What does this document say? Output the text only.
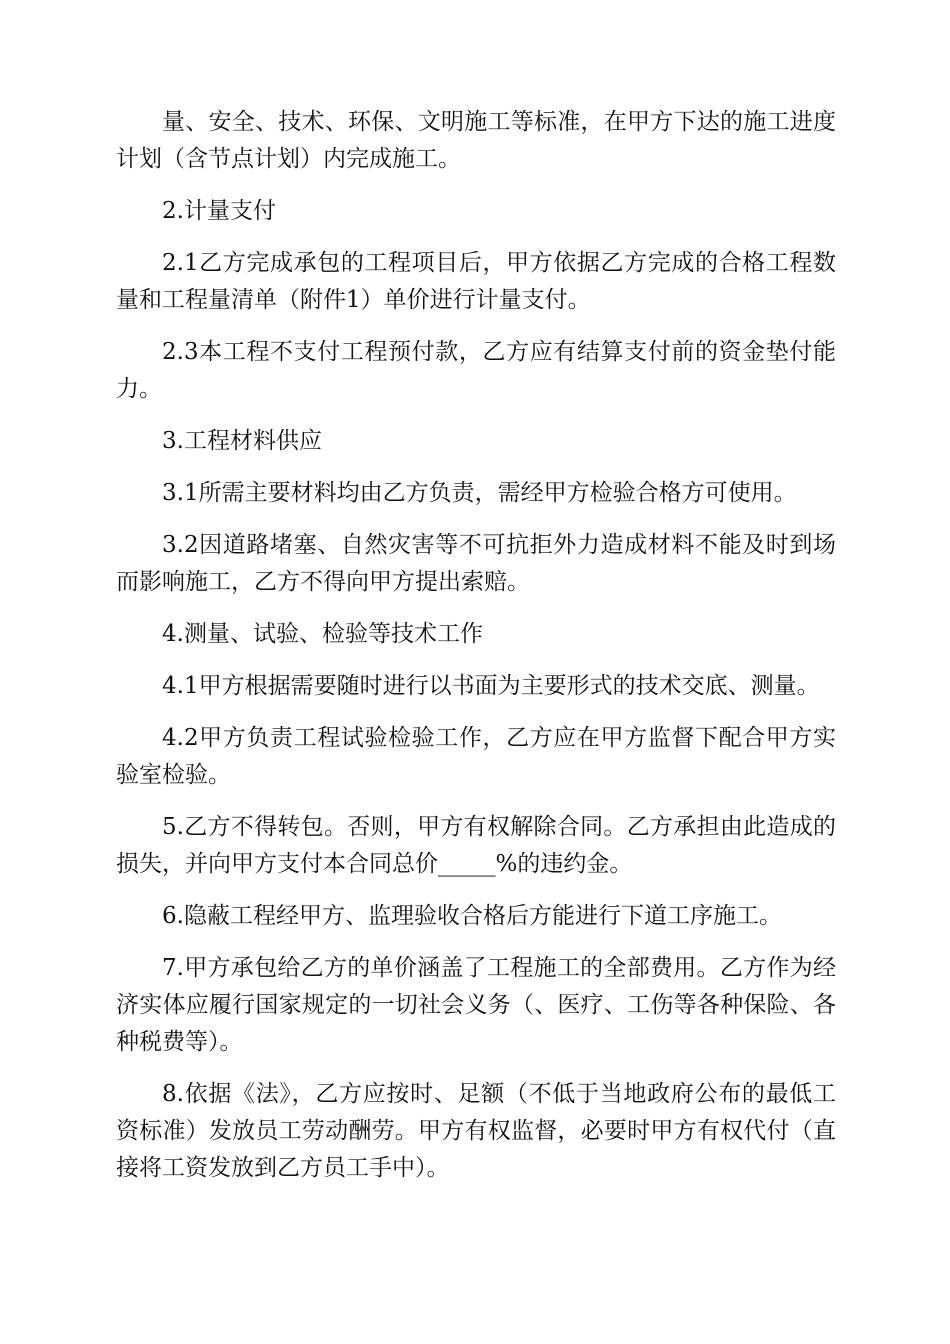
量、安全、技术、环保、文明施工等标准，在甲方下达的施工进度计划（含节点计划）内完成施工。

2.计量支付

2.1乙方完成承包的工程项目后，甲方依据乙方完成的合格工程数量和工程量清单（附件1）单价进行计量支付。

2.3本工程不支付工程预付款，乙方应有结算支付前的资金垫付能力。

3.工程材料供应

3.1所需主要材料均由乙方负责，需经甲方检验合格方可使用。

3.2因道路堵塞、自然灾害等不可抗拒外力造成材料不能及时到场而影响施工，乙方不得向甲方提出索赔。

4.测量、试验、检验等技术工作

4.1甲方根据需要随时进行以书面为主要形式的技术交底、测量。

4.2甲方负责工程试验检验工作，乙方应在甲方监督下配合甲方实验室检验。

5.乙方不得转包。否则，甲方有权解除合同。乙方承担由此造成的损失，并向甲方支付本合同总价_____%的违约金。

6.隐蔽工程经甲方、监理验收合格后方能进行下道工序施工。

7.甲方承包给乙方的单价涵盖了工程施工的全部费用。乙方作为经济实体应履行国家规定的一切社会义务（、医疗、工伤等各种保险、各种税费等）。

8.依据《法》，乙方应按时、足额（不低于当地政府公布的最低工资标准）发放员工劳动酬劳。甲方有权监督，必要时甲方有权代付（直接将工资发放到乙方员工手中）。
